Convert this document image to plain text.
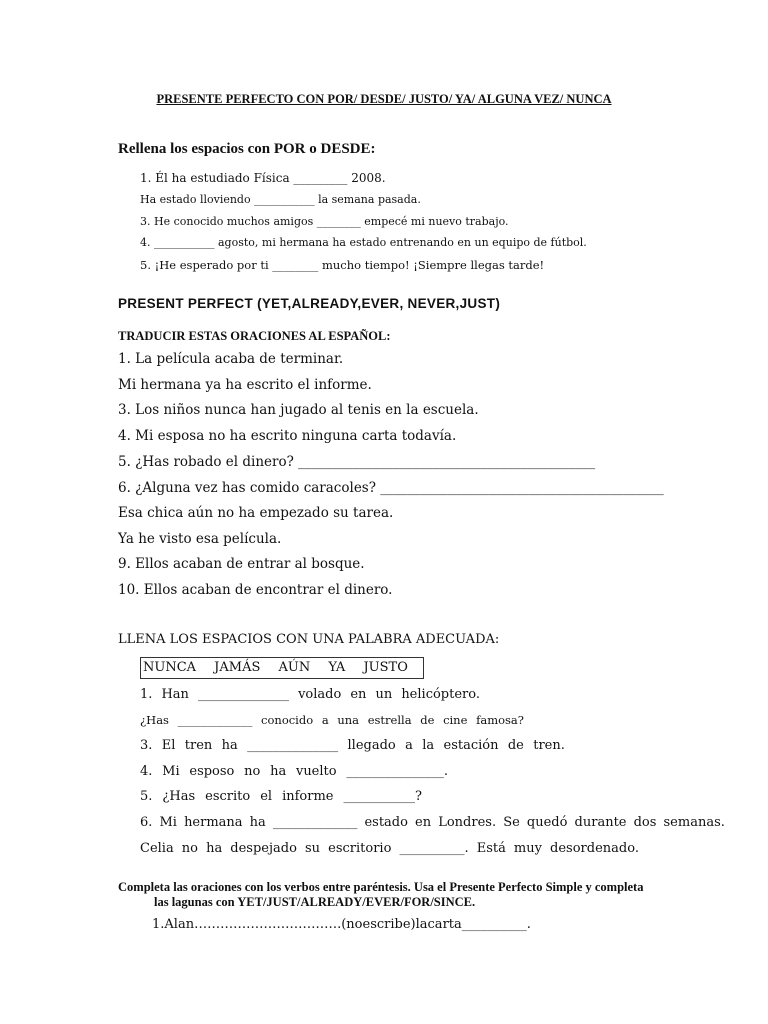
PRESENTE PERFECTO CON POR/ DESDE/ JUSTO/ YA/ ALGUNA VEZ/ NUNCA
Rellena los espacios con POR o DESDE:
1. Él ha estudiado Física _________ 2008.
Ha estado lloviendo ___________ la semana pasada.
3. He conocido muchos amigos ________ empecé mi nuevo trabajo.
4. ___________ agosto, mi hermana ha estado entrenando en un equipo de fútbol.
5. ¡He esperado por ti ________ mucho tiempo! ¡Siempre llegas tarde!
PRESENT PERFECT (YET,ALREADY,EVER, NEVER,JUST)
TRADUCIR ESTAS ORACIONES AL ESPAÑOL:
1. La película acaba de terminar.
Mi hermana ya ha escrito el informe.
3. Los niños nunca han jugado al tenis en la escuela.
4. Mi esposa no ha escrito ninguna carta todavía.
5. ¿Has robado el dinero? ____________________________________________
6. ¿Alguna vez has comido caracoles? __________________________________________
Esa chica aún no ha empezado su tarea.
Ya he visto esa película.
9. Ellos acaban de entrar al bosque.
10. Ellos acaban de encontrar el dinero.
LLENA LOS ESPACIOS CON UNA PALABRA ADECUADA:
NUNCA JAMÁS AÚN YA JUSTO
1. Han ______________ volado en un helicóptero.
¿Has _____________ conocido a una estrella de cine famosa?
3. El tren ha ______________ llegado a la estación de tren.
4. Mi esposo no ha vuelto _______________.
5. ¿Has escrito el informe ___________?
6. Mi hermana ha _____________ estado en Londres. Se quedó durante dos semanas.
Celia no ha despejado su escritorio __________. Está muy desordenado.
Completa las oraciones con los verbos entre paréntesis. Usa el Presente Perfecto Simple y completa
las lagunas con YET/JUST/ALREADY/EVER/FOR/SINCE.
1. Alan ……………………………. (no escribe) la carta __________.
